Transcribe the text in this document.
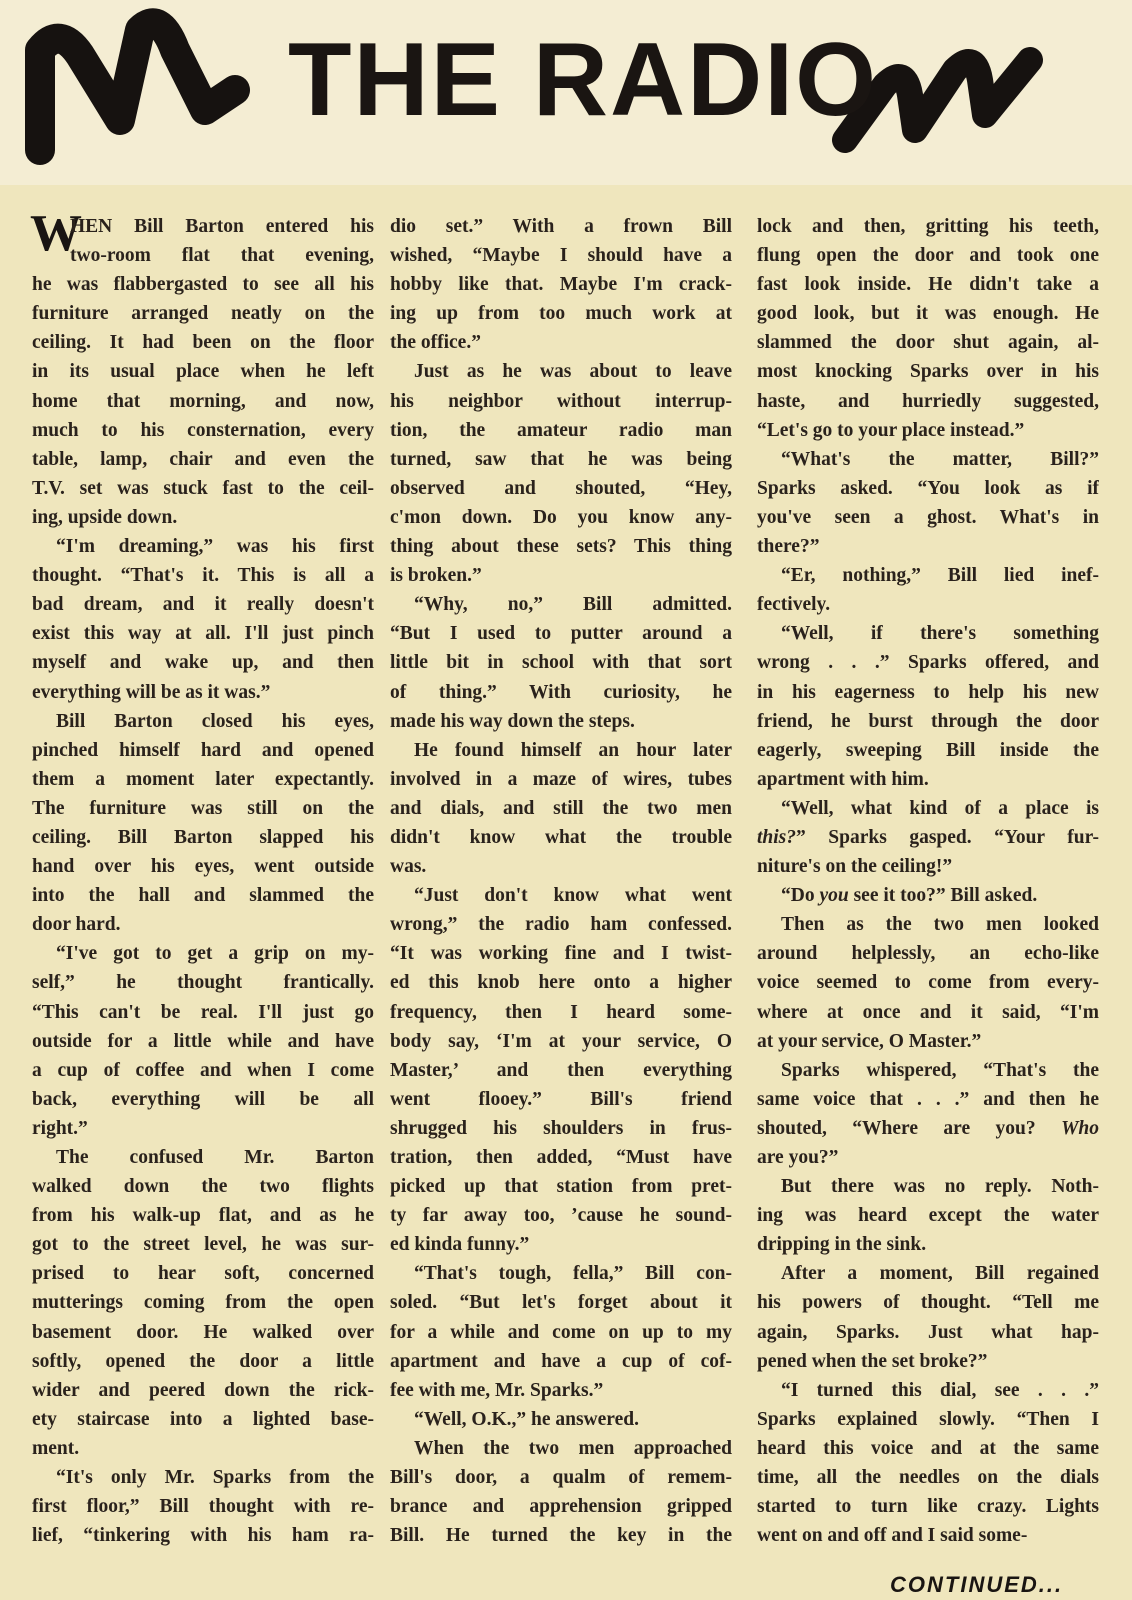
THE RADIO
W
HEN Bill Barton entered his
two-room flat that evening,
he was flabbergasted to see all his
furniture arranged neatly on the
ceiling. It had been on the floor
in its usual place when he left
home that morning, and now,
much to his consternation, every
table, lamp, chair and even the
T.V. set was stuck fast to the ceil-
ing, upside down.
“I'm dreaming,” was his first
thought. “That's it. This is all a
bad dream, and it really doesn't
exist this way at all. I'll just pinch
myself and wake up, and then
everything will be as it was.”
Bill Barton closed his eyes,
pinched himself hard and opened
them a moment later expectantly.
The furniture was still on the
ceiling. Bill Barton slapped his
hand over his eyes, went outside
into the hall and slammed the
door hard.
“I've got to get a grip on my-
self,” he thought frantically.
“This can't be real. I'll just go
outside for a little while and have
a cup of coffee and when I come
back, everything will be all
right.”
The confused Mr. Barton
walked down the two flights
from his walk-up flat, and as he
got to the street level, he was sur-
prised to hear soft, concerned
mutterings coming from the open
basement door. He walked over
softly, opened the door a little
wider and peered down the rick-
ety staircase into a lighted base-
ment.
“It's only Mr. Sparks from the
first floor,” Bill thought with re-
lief, “tinkering with his ham ra-
dio set.” With a frown Bill
wished, “Maybe I should have a
hobby like that. Maybe I'm crack-
ing up from too much work at
the office.”
Just as he was about to leave
his neighbor without interrup-
tion, the amateur radio man
turned, saw that he was being
observed and shouted, “Hey,
c'mon down. Do you know any-
thing about these sets? This thing
is broken.”
“Why, no,” Bill admitted.
“But I used to putter around a
little bit in school with that sort
of thing.” With curiosity, he
made his way down the steps.
He found himself an hour later
involved in a maze of wires, tubes
and dials, and still the two men
didn't know what the trouble
was.
“Just don't know what went
wrong,” the radio ham confessed.
“It was working fine and I twist-
ed this knob here onto a higher
frequency, then I heard some-
body say, ‘I'm at your service, O
Master,’ and then everything
went flooey.” Bill's friend
shrugged his shoulders in frus-
tration, then added, “Must have
picked up that station from pret-
ty far away too, ’cause he sound-
ed kinda funny.”
“That's tough, fella,” Bill con-
soled. “But let's forget about it
for a while and come on up to my
apartment and have a cup of cof-
fee with me, Mr. Sparks.”
“Well, O.K.,” he answered.
When the two men approached
Bill's door, a qualm of remem-
brance and apprehension gripped
Bill. He turned the key in the
lock and then, gritting his teeth,
flung open the door and took one
fast look inside. He didn't take a
good look, but it was enough. He
slammed the door shut again, al-
most knocking Sparks over in his
haste, and hurriedly suggested,
“Let's go to your place instead.”
“What's the matter, Bill?”
Sparks asked. “You look as if
you've seen a ghost. What's in
there?”
“Er, nothing,” Bill lied inef-
fectively.
“Well, if there's something
wrong . . .” Sparks offered, and
in his eagerness to help his new
friend, he burst through the door
eagerly, sweeping Bill inside the
apartment with him.
“Well, what kind of a place is
this?” Sparks gasped. “Your fur-
niture's on the ceiling!”
“Do you see it too?” Bill asked.
Then as the two men looked
around helplessly, an echo-like
voice seemed to come from every-
where at once and it said, “I'm
at your service, O Master.”
Sparks whispered, “That's the
same voice that . . .” and then he
shouted, “Where are you? Who
are you?”
But there was no reply. Noth-
ing was heard except the water
dripping in the sink.
After a moment, Bill regained
his powers of thought. “Tell me
again, Sparks. Just what hap-
pened when the set broke?”
“I turned this dial, see . . .”
Sparks explained slowly. “Then I
heard this voice and at the same
time, all the needles on the dials
started to turn like crazy. Lights
went on and off and I said some-
CONTINUED...
